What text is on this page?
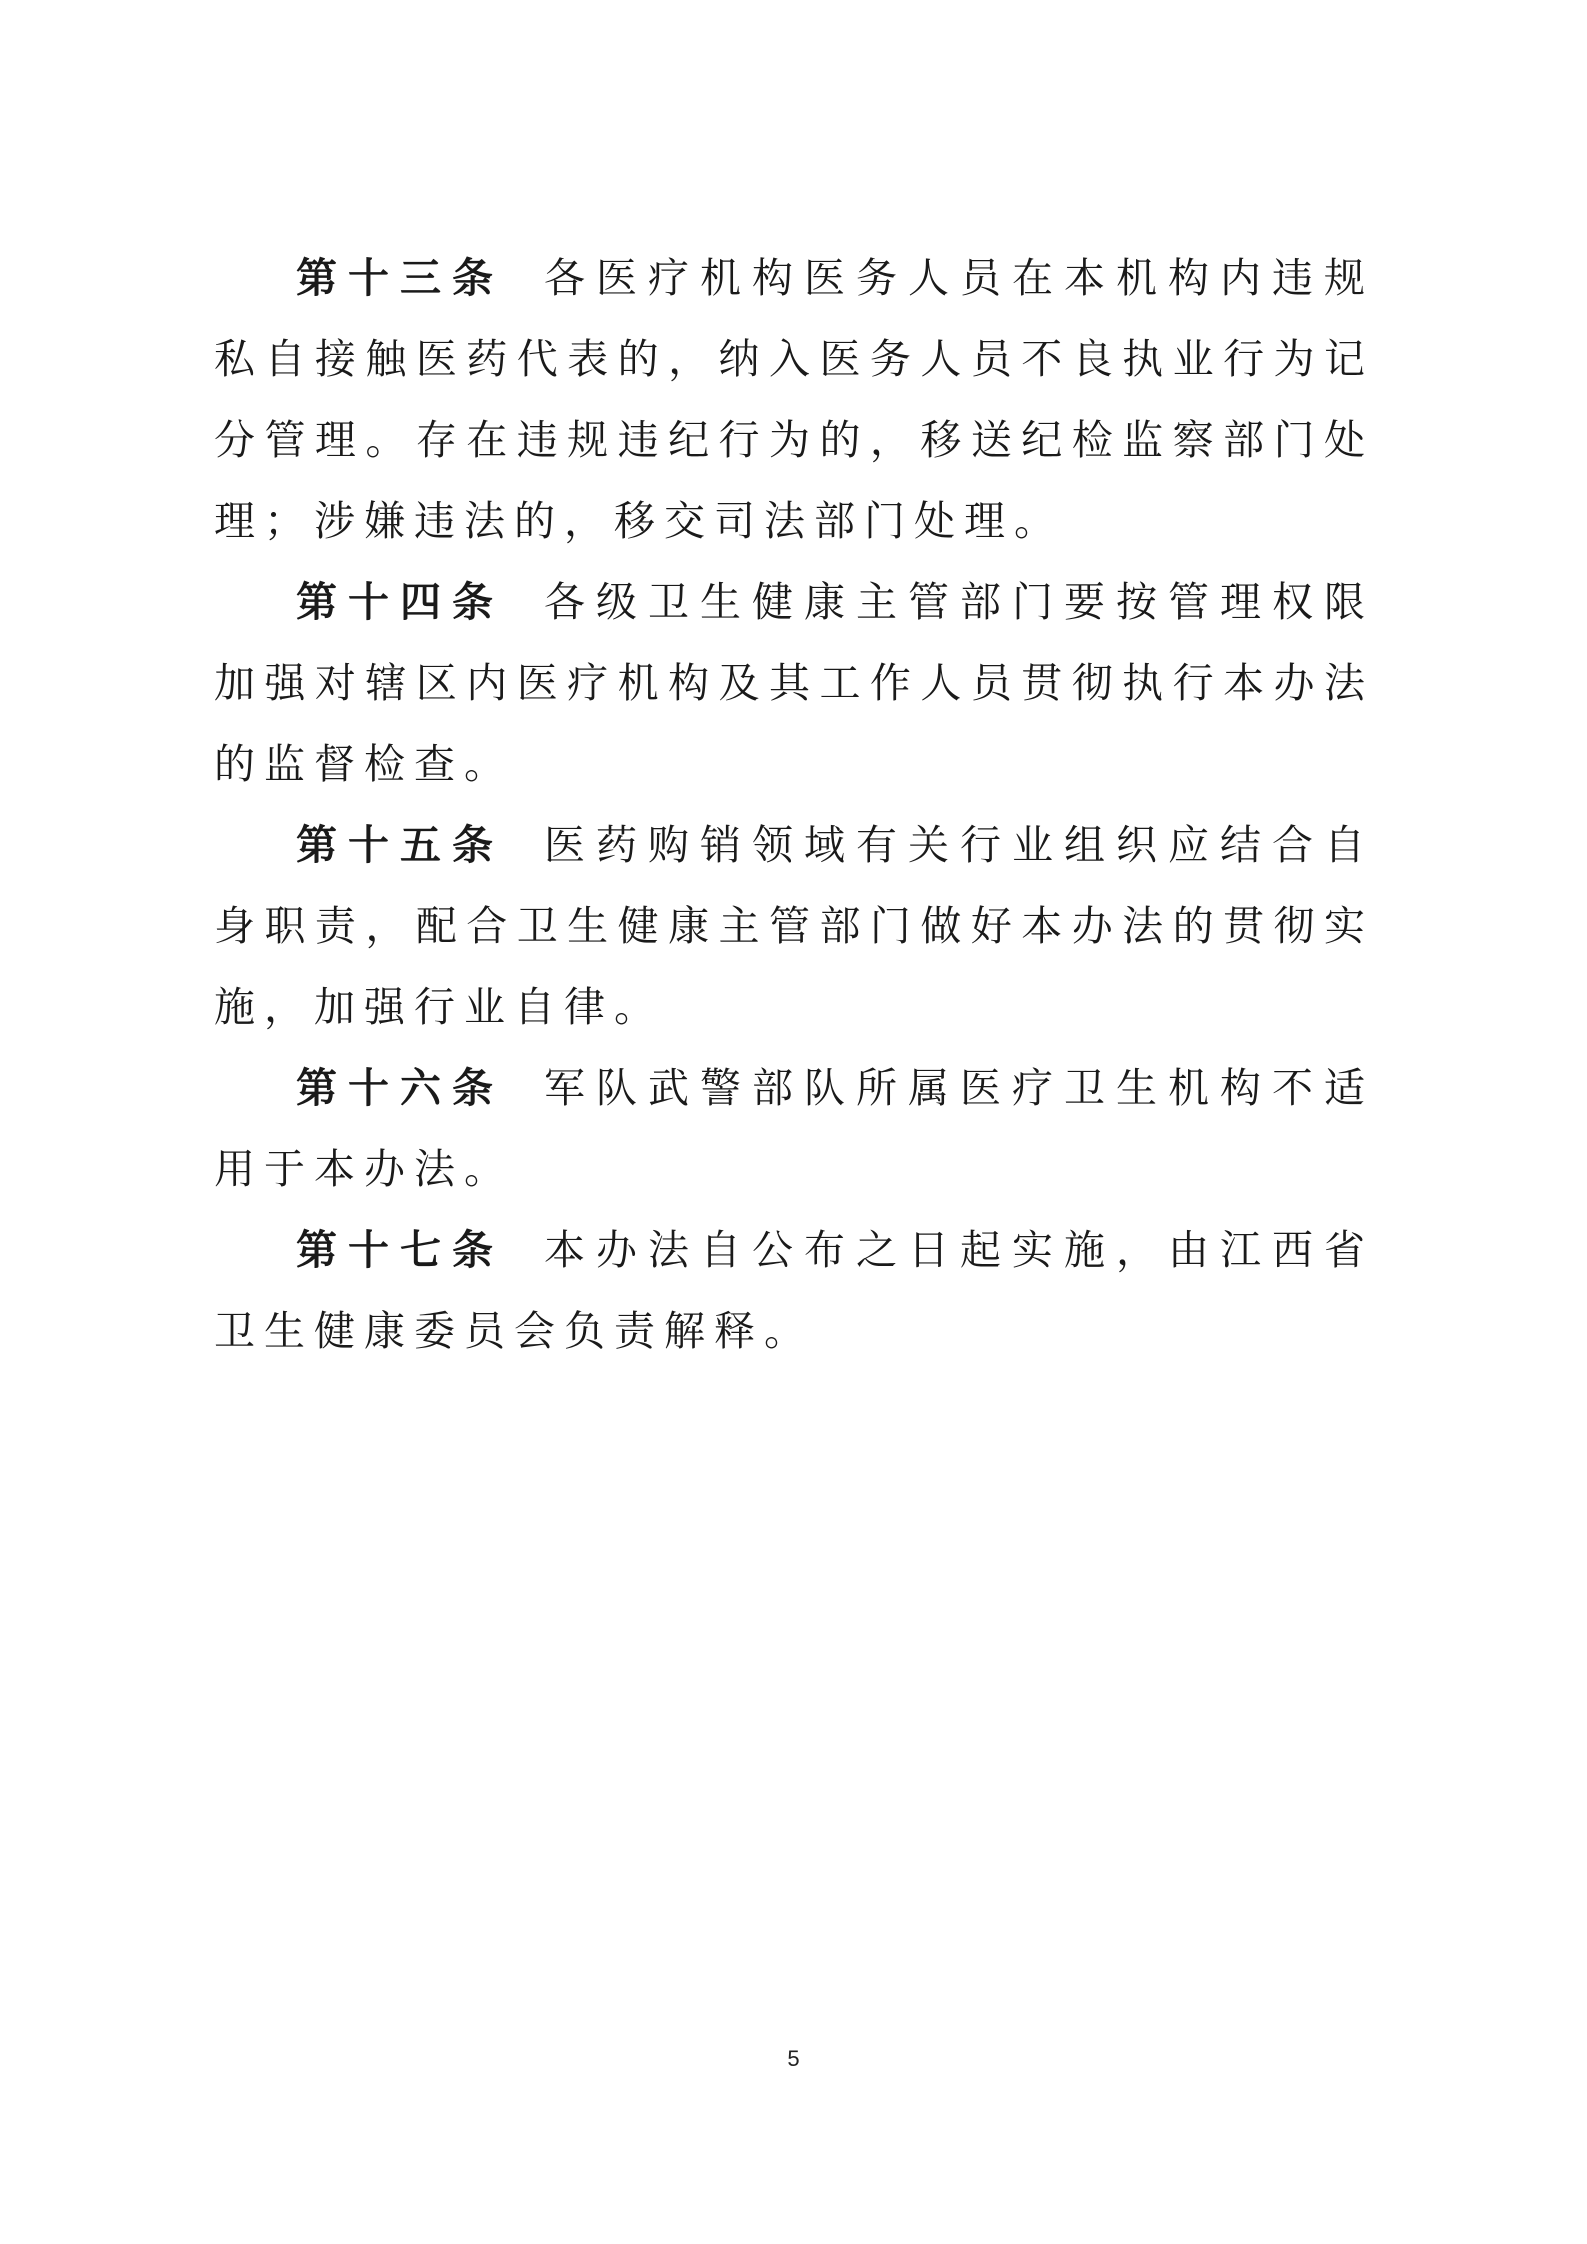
第十三条 各医疗机构医务人员在本机构内违规私自接触医药代表的，纳入医务人员不良执业行为记分管理。存在违规违纪行为的，移送纪检监察部门处理；涉嫌违法的，移交司法部门处理。

第十四条 各级卫生健康主管部门要按管理权限加强对辖区内医疗机构及其工作人员贯彻执行本办法的监督检查。

第十五条 医药购销领域有关行业组织应结合自身职责，配合卫生健康主管部门做好本办法的贯彻实施，加强行业自律。

第十六条 军队武警部队所属医疗卫生机构不适用于本办法。

第十七条 本办法自公布之日起实施，由江西省卫生健康委员会负责解释。

5
